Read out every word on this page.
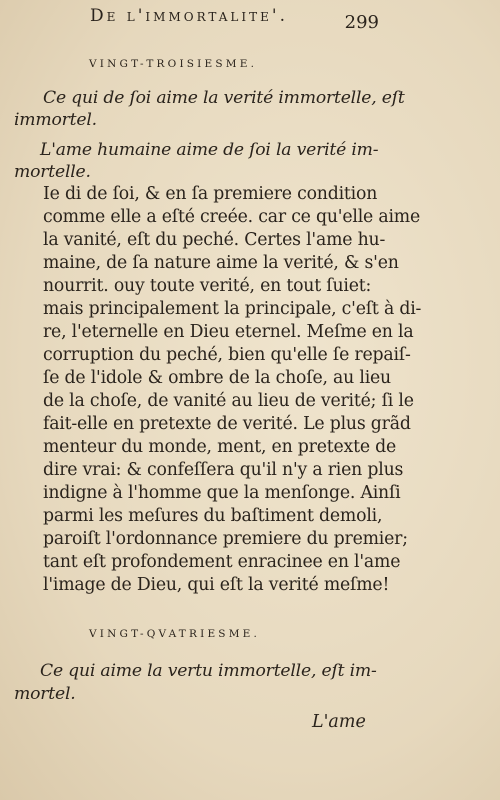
De l'immortalite'.	299
VINGT-TROISIESME.
Ce qui de ſoi aime la verité immortelle, eſt
immortel.
L'ame humaine aime de ſoi la verité im-
mortelle.
Ie di de ſoi, & en ſa premiere condition
comme elle a eſté creée. car ce qu'elle aime
la vanité, eſt du peché. Certes l'ame hu-
maine, de ſa nature aime la verité, & s'en
nourrit. ouy toute verité, en tout ſuiet:
mais principalement la principale, c'eſt à di-
re, l'eternelle en Dieu eternel. Meſme en la
corruption du peché, bien qu'elle ſe repaiſ-
ſe de l'idole & ombre de la choſe, au lieu
de la choſe, de vanité au lieu de verité; ſi le
fait-elle en pretexte de verité. Le plus grãd
menteur du monde, ment, en pretexte de
dire vrai: & confeſſera qu'il n'y a rien plus
indigne à l'homme que la menſonge. Ainſi
parmi les meſures du baſtiment demoli,
paroiſt l'ordonnance premiere du premier;
tant eſt profondement enracinee en l'ame
l'image de Dieu, qui eſt la verité meſme!
VINGT-QVATRIESME.
Ce qui aime la vertu immortelle, eſt im-
mortel.
L'ame
